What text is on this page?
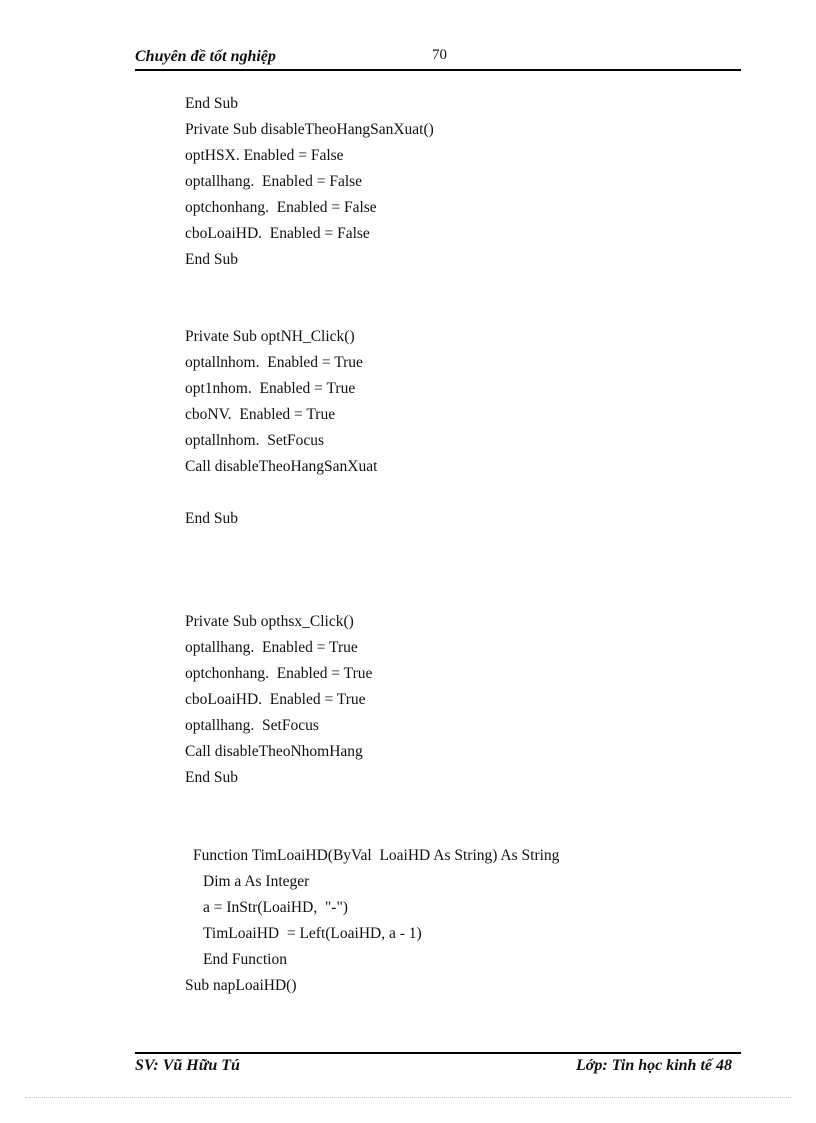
Chuyên đề tốt nghiệp	70
End Sub
Private Sub disableTheoHangSanXuat()
optHSX. Enabled = False
optallhang.  Enabled = False
optchonhang.  Enabled = False
cboLoaiHD.  Enabled = False
End Sub
Private Sub optNH_Click()
optallnhom.  Enabled = True
opt1nhom.  Enabled = True
cboNV.  Enabled = True
optallnhom.  SetFocus
Call disableTheoHangSanXuat
End Sub
Private Sub opthsx_Click()
optallhang.  Enabled = True
optchonhang.  Enabled = True
cboLoaiHD.  Enabled = True
optallhang.  SetFocus
Call disableTheoNhomHang
End Sub
Function TimLoaiHD(ByVal  LoaiHD As String) As String
Dim a As Integer
a = InStr(LoaiHD,  "-")
TimLoaiHD  = Left(LoaiHD, a - 1)
End Function
Sub napLoaiHD()
SV: Vũ Hữu Tú	Lớp: Tin học kinh tế 48
